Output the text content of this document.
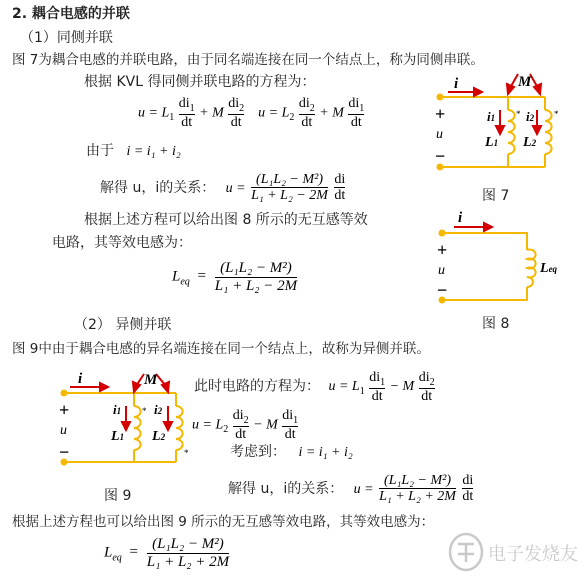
2. 耦合电感的并联
（1）同侧并联
图 7为耦合电感的并联电路，由于同名端连接在同一个结点上，称为同侧串联。
根据 KVL 得同侧并联电路的方程为：
$u = L_1 \frac{di_1}{dt} + M \frac{di_2}{dt}$ $u = L_2 \frac{di_2}{dt} + M \frac{di_1}{dt}$
由于 i = i₁ + i₂
解得 u，i的关系： $u = \frac{\text{(L₁L₂ − M²)}}{\text{L₁ + L₂ − 2M}}$
$\frac{di}{dt}$
根据上述方程可以给出图 8 所示的无互感等效
电路，其等效电感为：
$L_{eq} = \frac{\text{(L₁L₂ − M²)}}{\text{L₁ + L₂ − 2M}}$
（2） 异侧并联
图 9中由于耦合电感的异名端连接在同一个结点上，故称为异侧并联。
此时电路的方程为： $u = L_1 \frac{di_1}{dt} - M \frac{di_2}{dt}$
$u = L_2 \frac{di_2}{dt} - M \frac{di_1}{dt}$
考虑到： i = i₁ + i₂
解得 u，i的关系： $u = \frac{\text{(L₁L₂ − M²)}}{\text{L₁ + L₂ + 2M}}$
$\frac{di}{dt}$
根据上述方程也可以给出图 9 所示的无互感等效电路，其等效电感为：
$L_{eq} = \frac{\text{(L₁L₂ − M²)}}{\text{L₁ + L₂ + 2M}}$
i	M
i1 i2
L1 L2
*	*
+
u
−
图 7
i
Leq
+
u
−
图 8
i	M
i1	i2
L1 L2
*
*
+
u
−
图 9
电子发烧友
